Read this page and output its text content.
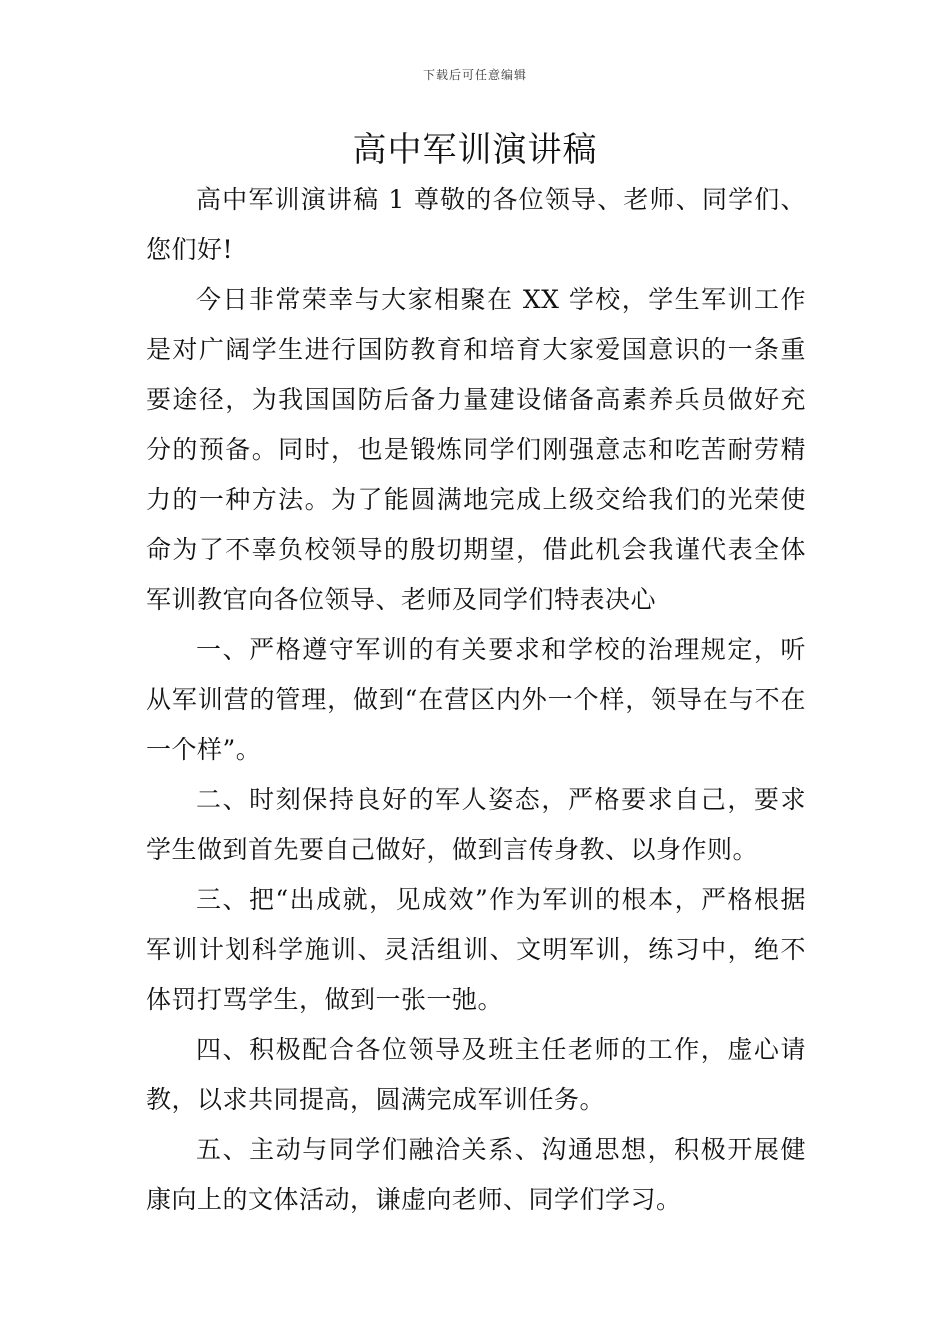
下载后可任意编辑
高中军训演讲稿

高中军训演讲稿 1 尊敬的各位领导、老师、同学们、您们好!

今日非常荣幸与大家相聚在 XX 学校，学生军训工作是对广阔学生进行国防教育和培育大家爱国意识的一条重要途径，为我国国防后备力量建设储备高素养兵员做好充分的预备。同时，也是锻炼同学们刚强意志和吃苦耐劳精力的一种方法。为了能圆满地完成上级交给我们的光荣使命为了不辜负校领导的殷切期望，借此机会我谨代表全体军训教官向各位领导、老师及同学们特表决心

一、严格遵守军训的有关要求和学校的治理规定，听从军训营的管理，做到“在营区内外一个样，领导在与不在一个样”。

二、时刻保持良好的军人姿态，严格要求自己，要求学生做到首先要自己做好，做到言传身教、以身作则。

三、把“出成就，见成效”作为军训的根本，严格根据军训计划科学施训、灵活组训、文明军训，练习中，绝不体罚打骂学生，做到一张一弛。

四、积极配合各位领导及班主任老师的工作，虚心请教，以求共同提高，圆满完成军训任务。

五、主动与同学们融洽关系、沟通思想，积极开展健康向上的文体活动，谦虚向老师、同学们学习。
